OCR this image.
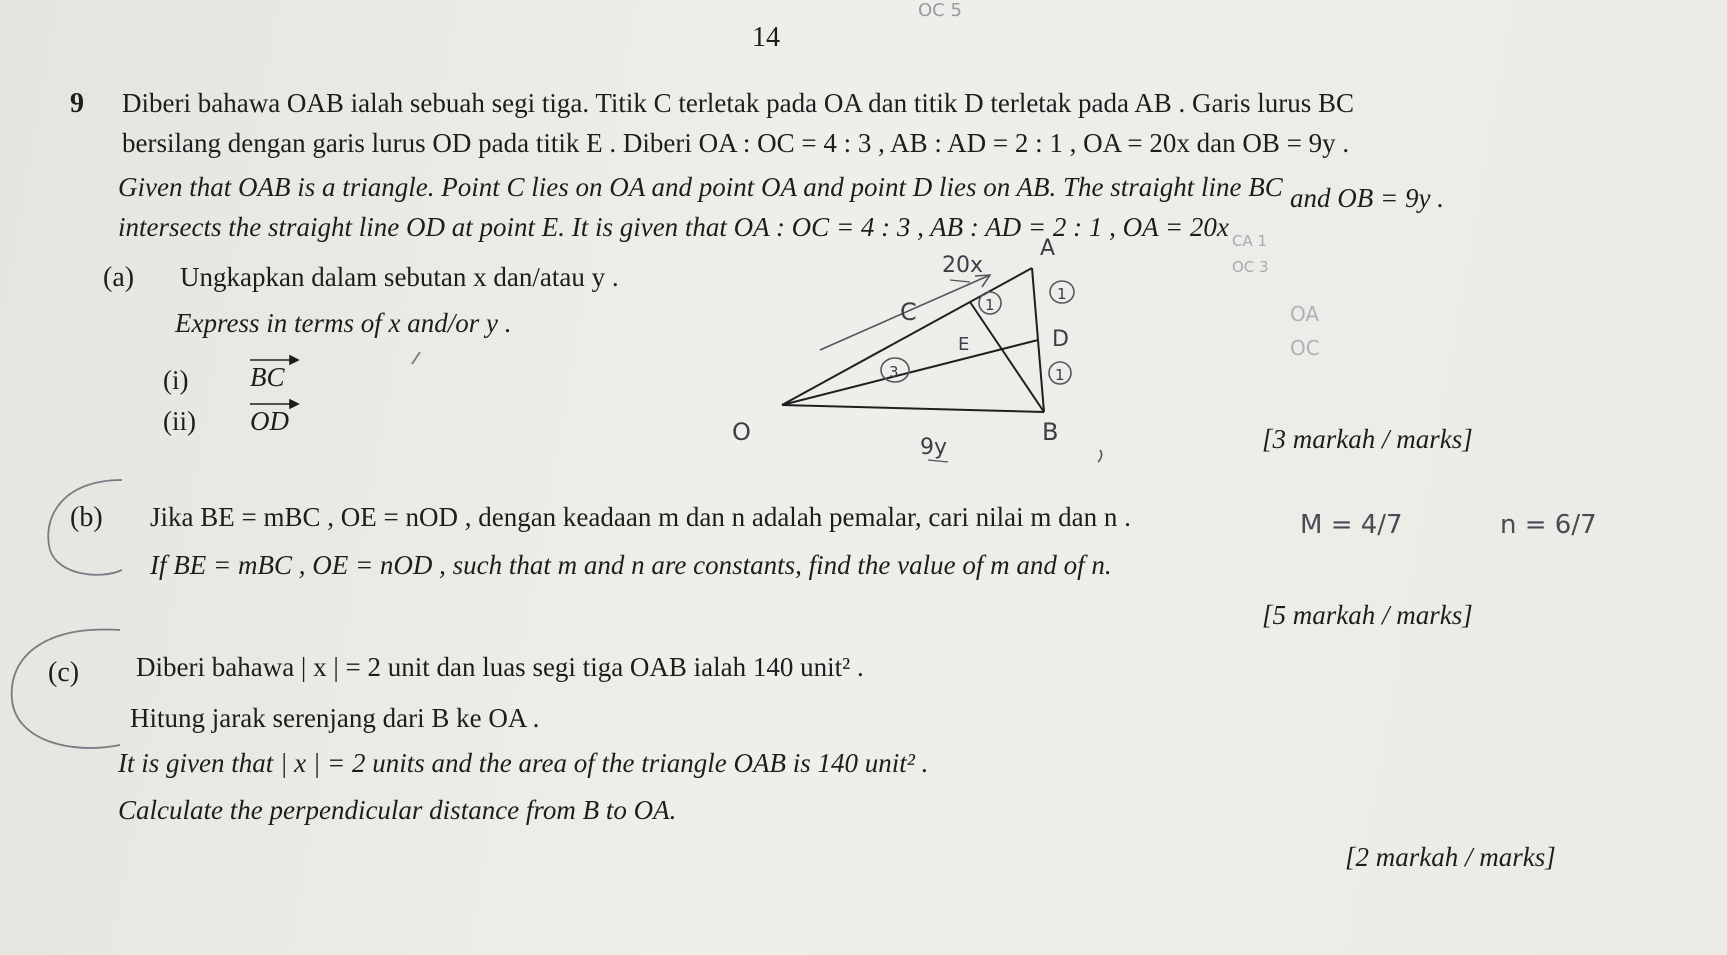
14
9 Diberi bahawa OAB ialah sebuah segi tiga. Titik C terletak pada OA dan titik D terletak pada AB . Garis lurus BC
bersilang dengan garis lurus OD pada titik E . Diberi OA : OC = 4 : 3 , AB : AD = 2 : 1 , OA = 20x dan OB = 9y .
Given that OAB is a triangle. Point C lies on OA and point OA and point D lies on AB. The straight line BC and OB = 9y .
intersects the straight line OD at point E. It is given that OA : OC = 4 : 3 , AB : AD = 2 : 1 , OA = 20x
(a) Ungkapkan dalam sebutan x dan/atau y .
Express in terms of x and/or y .
(i) BC
(ii) OD
[3 markah / marks]
(b) Jika BE = mBC , OE = nOD , dengan keadaan m dan n adalah pemalar, cari nilai m dan n .
If BE = mBC , OE = nOD , such that m and n are constants, find the value of m and of n.
[5 markah / marks]
(c) Diberi bahawa | x | = 2 unit dan luas segi tiga OAB ialah 140 unit² .
Hitung jarak serenjang dari B ke OA .
It is given that | x | = 2 units and the area of the triangle OAB is 140 unit² .
Calculate the perpendicular distance from B to OA.
[2 markah / marks]
A
C
E	D
B
O
20x
9y
1
1
1
3
M = 4/7	n = 6/7
OC 5
CA 1
OC 3
OA
OC
